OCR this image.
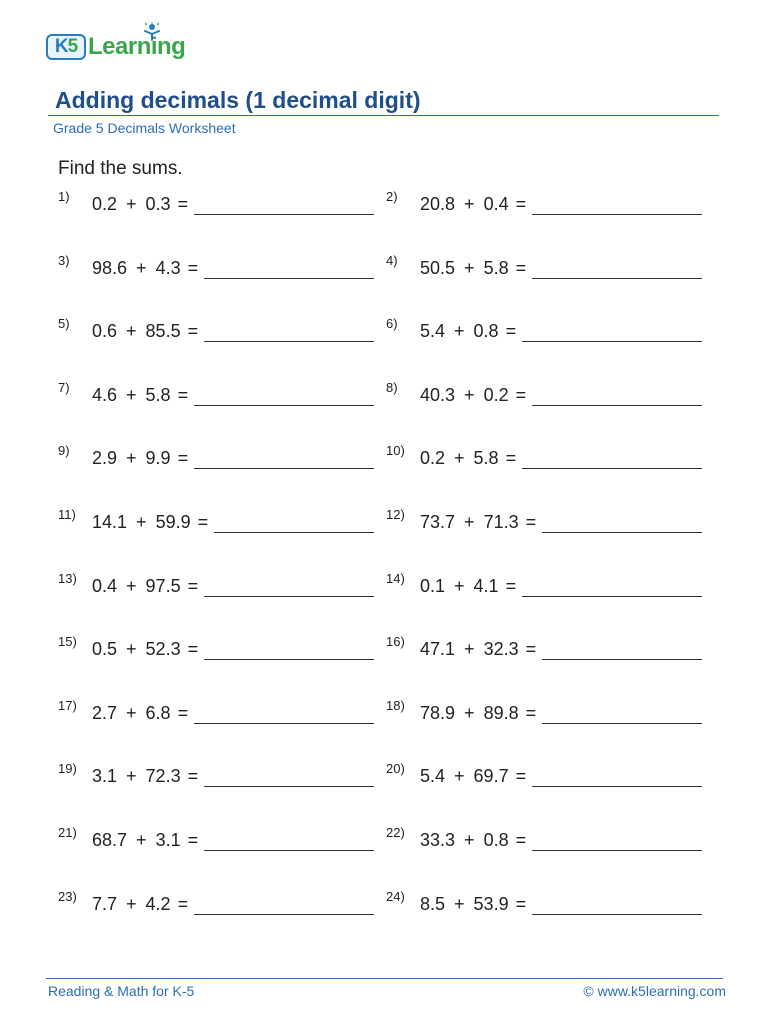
K5 Learning
Adding decimals (1 decimal digit)
Grade 5 Decimals Worksheet
Find the sums.
1) 0.2 + 0.3 =	2) 20.8 + 0.4 =
3) 98.6 + 4.3 =	4) 50.5 + 5.8 =
5) 0.6 + 85.5 =	6) 5.4 + 0.8 =
7) 4.6 + 5.8 =	8) 40.3 + 0.2 =
9) 2.9 + 9.9 =	10) 0.2 + 5.8 =
11) 14.1 + 59.9 =	12) 73.7 + 71.3 =
13) 0.4 + 97.5 =	14) 0.1 + 4.1 =
15) 0.5 + 52.3 =	16) 47.1 + 32.3 =
17) 2.7 + 6.8 =	18) 78.9 + 89.8 =
19) 3.1 + 72.3 =	20) 5.4 + 69.7 =
21) 68.7 + 3.1 =	22) 33.3 + 0.8 =
23) 7.7 + 4.2 =	24) 8.5 + 53.9 =
Reading & Math for K-5	© www.k5learning.com
